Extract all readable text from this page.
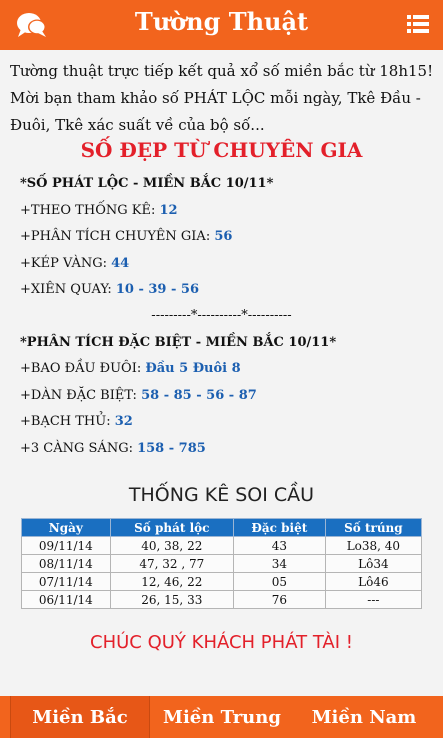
Tường Thuật
Tường thuật trực tiếp kết quả xổ số miền bắc từ 18h15! Mời bạn tham khảo số PHÁT LỘC mỗi ngày, Tkê Đầu - Đuôi, Tkê xác suất về của bộ số...
SỐ ĐẸP TỪ CHUYÊN GIA
*SỐ PHÁT LỘC - MIỀN BẮC 10/11*
+THEO THỐNG KÊ: 12
+PHÂN TÍCH CHUYÊN GIA: 56
+KÉP VÀNG: 44
+XIÊN QUAY: 10 - 39 - 56
---------*----------*----------
*PHÂN TÍCH ĐẶC BIỆT - MIỀN BẮC 10/11*
+BAO ĐẦU ĐUÔI: Đầu 5 Đuôi 8
+DÀN ĐẶC BIỆT: 58 - 85 - 56 - 87
+BẠCH THỦ: 32
+3 CÀNG SÁNG: 158 - 785
THỐNG KÊ SOI CẦU
Ngày	Số phát lộc	Đặc biệt	Số trúng
09/11/14	40, 38, 22	43	Lo38, 40
08/11/14	47, 32 , 77	34	Lô34
07/11/14	12, 46, 22	05	Lô46
06/11/14	26, 15, 33	76	---
CHÚC QUÝ KHÁCH PHÁT TÀI !
Miền Bắc	Miền Trung	Miền Nam
